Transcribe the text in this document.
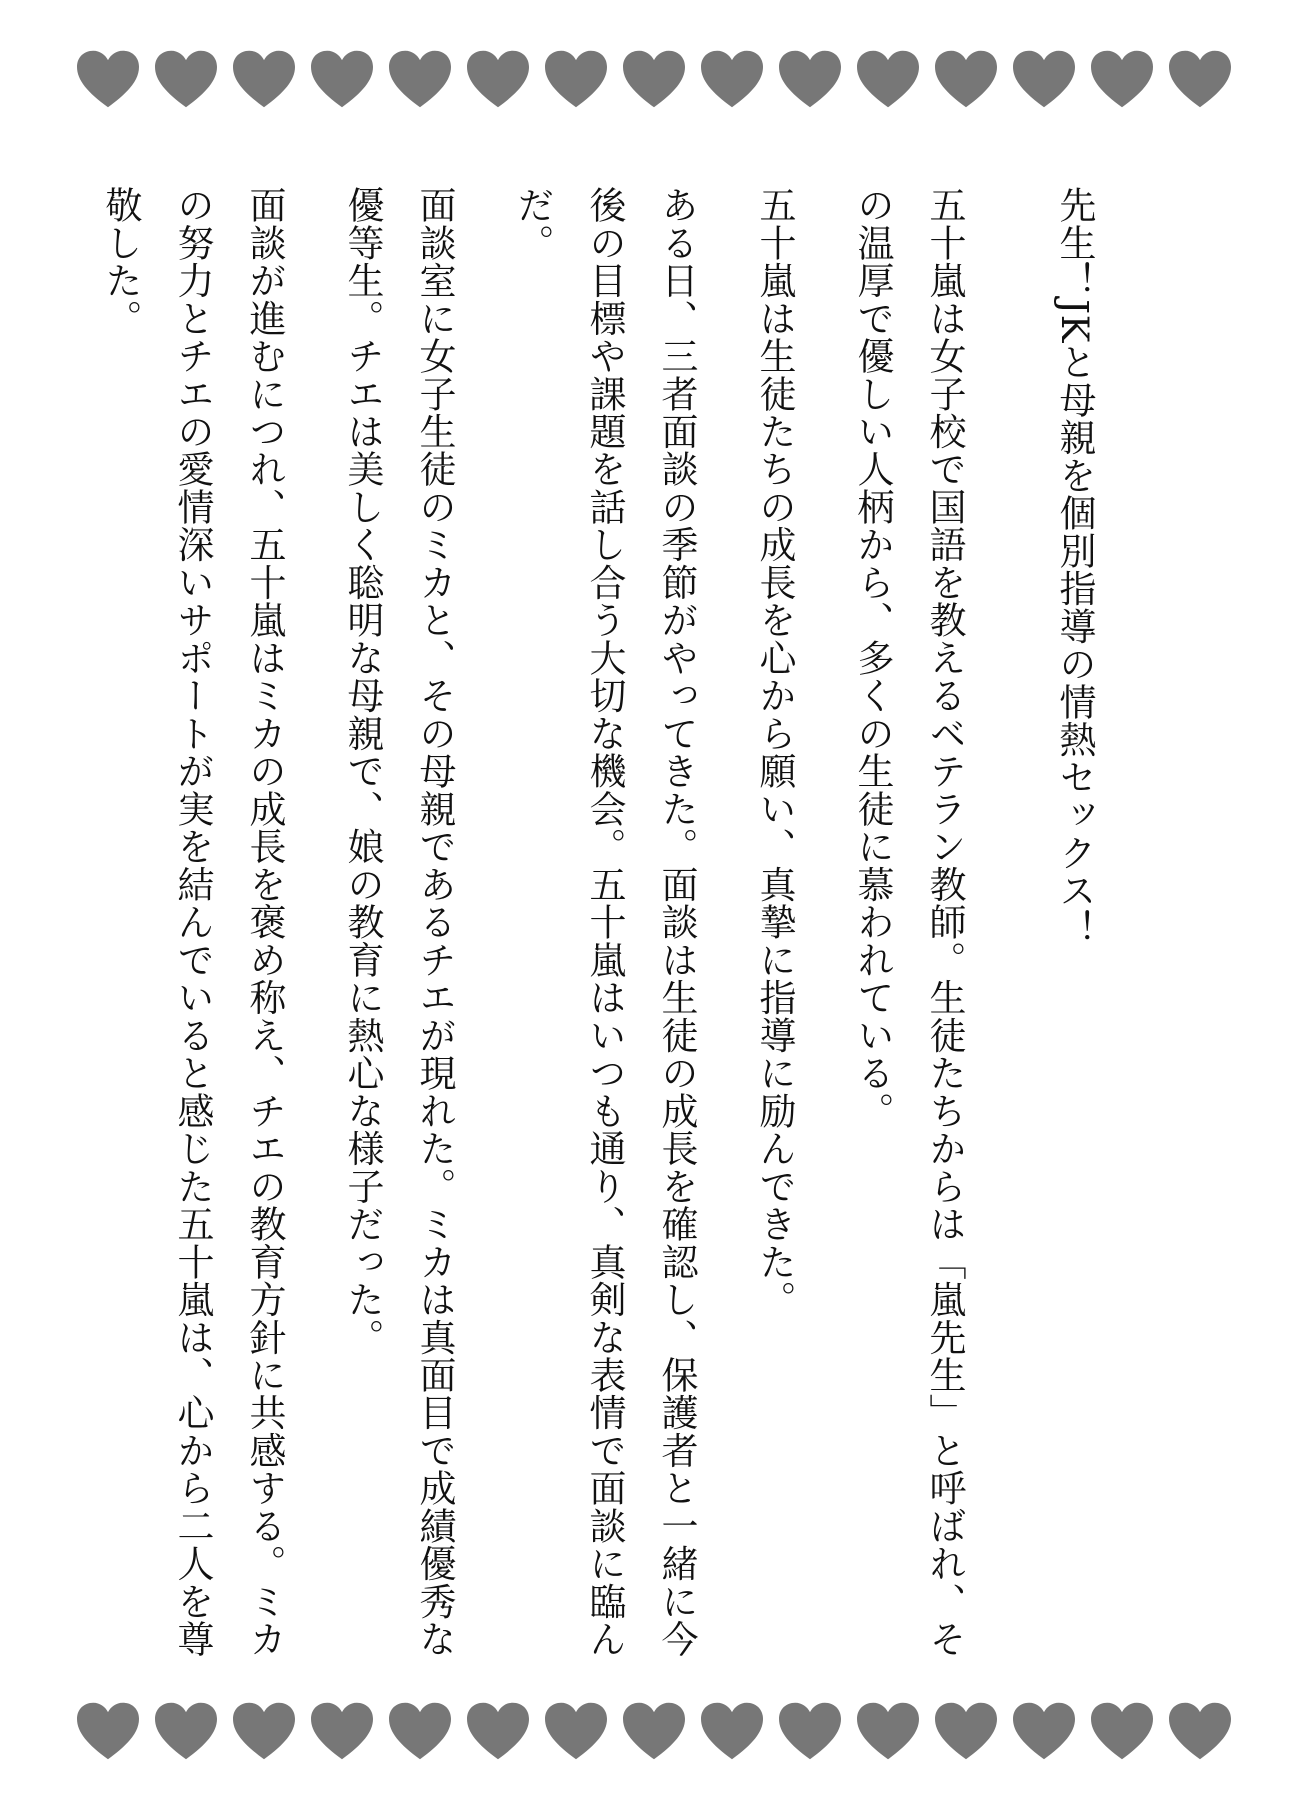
先生！JKと母親を個別指導の情熱セックス！

五十嵐は女子校で国語を教えるベテラン教師。生徒たちからは「嵐先生」と呼ばれ、その温厚で優しい人柄から、多くの生徒に慕われている。

五十嵐は生徒たちの成長を心から願い、真摯に指導に励んできた。

ある日、三者面談の季節がやってきた。面談は生徒の成長を確認し、保護者と一緒に今後の目標や課題を話し合う大切な機会。五十嵐はいつも通り、真剣な表情で面談に臨んだ。

面談室に女子生徒のミカと、その母親であるチエが現れた。ミカは真面目で成績優秀な優等生。チエは美しく聡明な母親で、娘の教育に熱心な様子だった。

面談が進むにつれ、五十嵐はミカの成長を褒め称え、チエの教育方針に共感する。ミカの努力とチエの愛情深いサポートが実を結んでいると感じた五十嵐は、心から二人を尊敬した。
